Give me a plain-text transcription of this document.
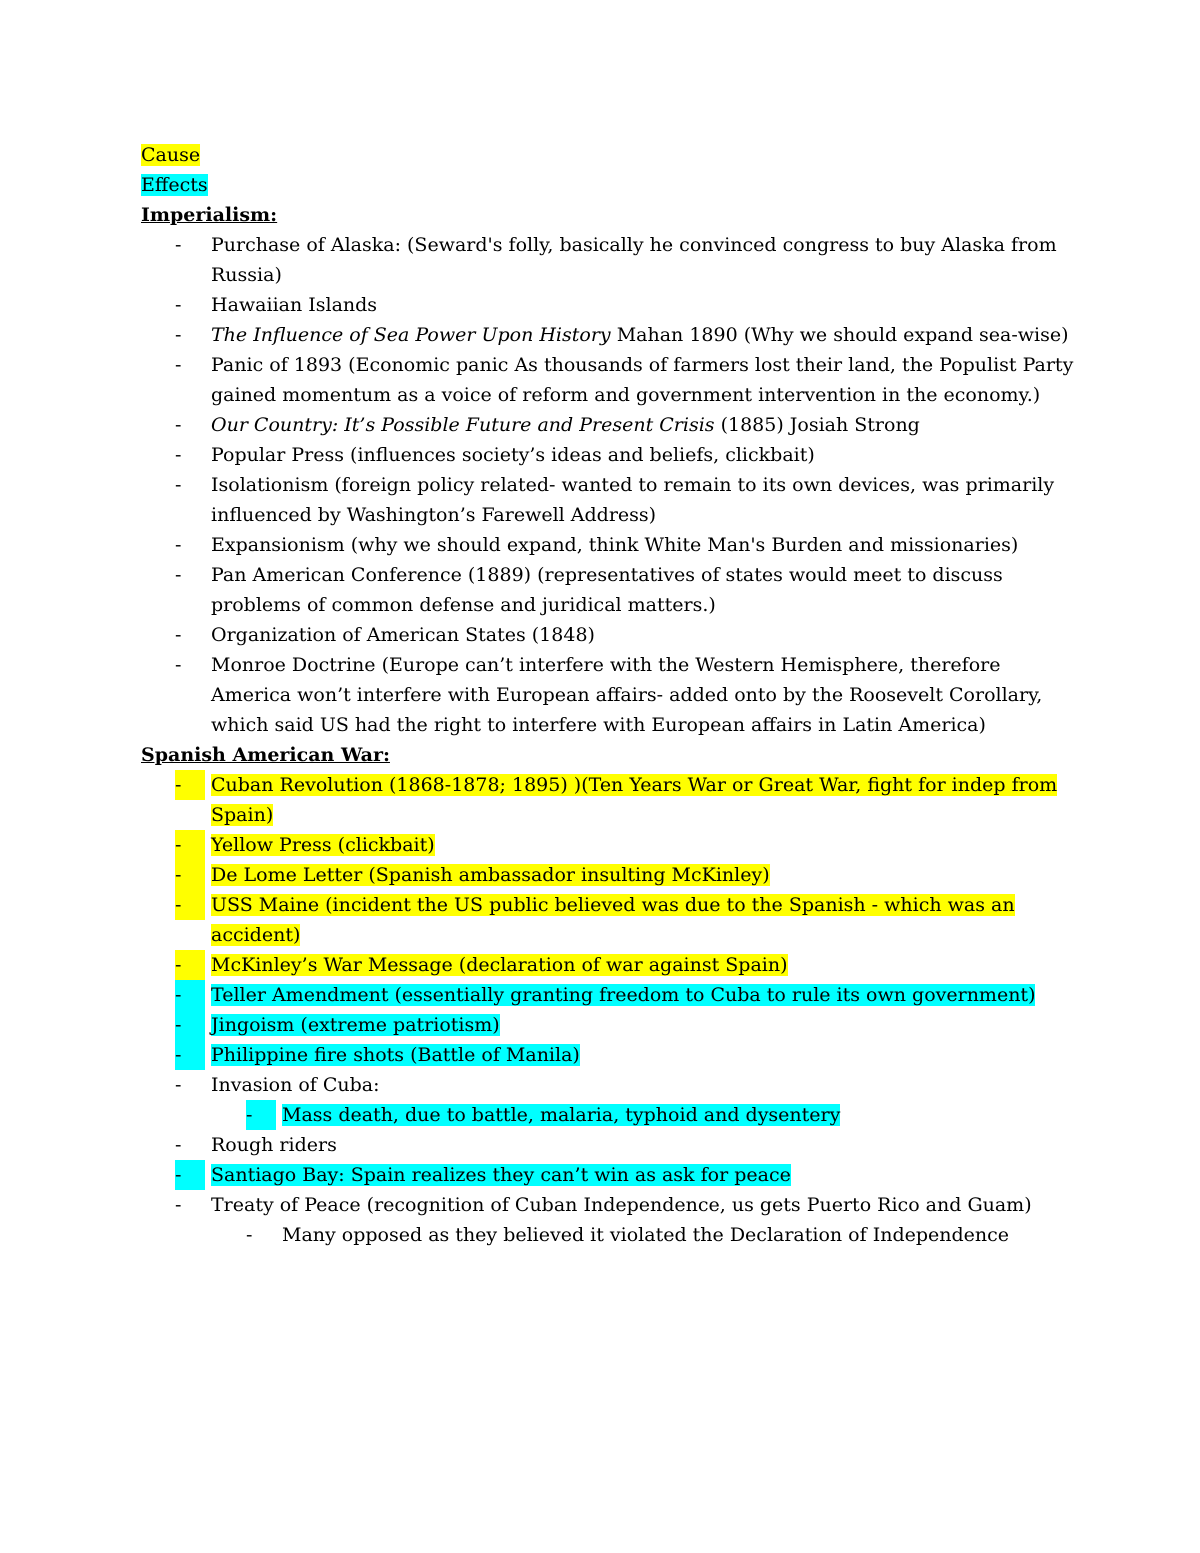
Cause
Effects
Imperialism:
- Purchase of Alaska: (Seward's folly, basically he convinced congress to buy Alaska from Russia)
- Hawaiian Islands
- The Influence of Sea Power Upon History Mahan 1890 (Why we should expand sea-wise)
- Panic of 1893 (Economic panic As thousands of farmers lost their land, the Populist Party gained momentum as a voice of reform and government intervention in the economy.)
- Our Country: It’s Possible Future and Present Crisis (1885) Josiah Strong
- Popular Press (influences society’s ideas and beliefs, clickbait)
- Isolationism (foreign policy related- wanted to remain to its own devices, was primarily influenced by Washington’s Farewell Address)
- Expansionism (why we should expand, think White Man's Burden and missionaries)
- Pan American Conference (1889) (representatives of states would meet to discuss problems of common defense and juridical matters.)
- Organization of American States (1848)
- Monroe Doctrine (Europe can’t interfere with the Western Hemisphere, therefore America won’t interfere with European affairs- added onto by the Roosevelt Corollary, which said US had the right to interfere with European affairs in Latin America)
Spanish American War:
-	Cuban Revolution (1868-1878; 1895) )(Ten Years War or Great War, fight for indep from Spain)
-	Yellow Press (clickbait)
-	De Lome Letter (Spanish ambassador insulting McKinley)
-	USS Maine (incident the US public believed was due to the Spanish - which was an accident)
-	McKinley’s War Message (declaration of war against Spain)
-	Teller Amendment (essentially granting freedom to Cuba to rule its own government)
-	Jingoism (extreme patriotism)
-	Philippine fire shots (Battle of Manila)
- Invasion of Cuba:
-	Mass death, due to battle, malaria, typhoid and dysentery
- Rough riders
-	Santiago Bay: Spain realizes they can’t win as ask for peace
- Treaty of Peace (recognition of Cuban Independence, us gets Puerto Rico and Guam)
- Many opposed as they believed it violated the Declaration of Independence
